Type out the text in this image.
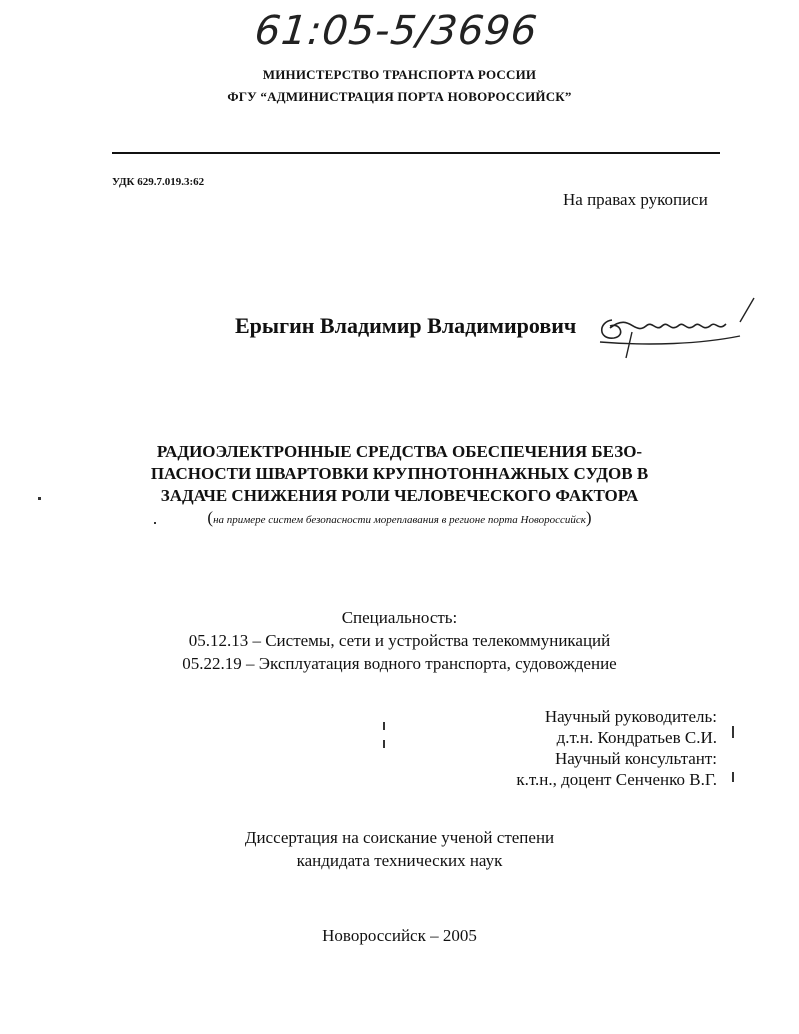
61:05-5/3696
МИНИСТЕРСТВО ТРАНСПОРТА РОССИИ
ФГУ “АДМИНИСТРАЦИЯ ПОРТА НОВОРОССИЙСК”
УДК 629.7.019.3:62
На правах рукописи
Ерыгин Владимир Владимирович
РАДИОЭЛЕКТРОННЫЕ СРЕДСТВА ОБЕСПЕЧЕНИЯ БЕЗО-
ПАСНОСТИ ШВАРТОВКИ КРУПНОТОННАЖНЫХ СУДОВ В
ЗАДАЧЕ СНИЖЕНИЯ РОЛИ ЧЕЛОВЕЧЕСКОГО ФАКТОРА
(на примере систем безопасности мореплавания в регионе порта Новороссийск)
Специальность:
05.12.13 – Системы, сети и устройства телекоммуникаций
05.22.19 – Эксплуатация водного транспорта, судовождение
Научный руководитель:
д.т.н. Кондратьев С.И.
Научный консультант:
к.т.н., доцент Сенченко В.Г.
Диссертация на соискание ученой степени
кандидата технических наук
Новороссийск – 2005
